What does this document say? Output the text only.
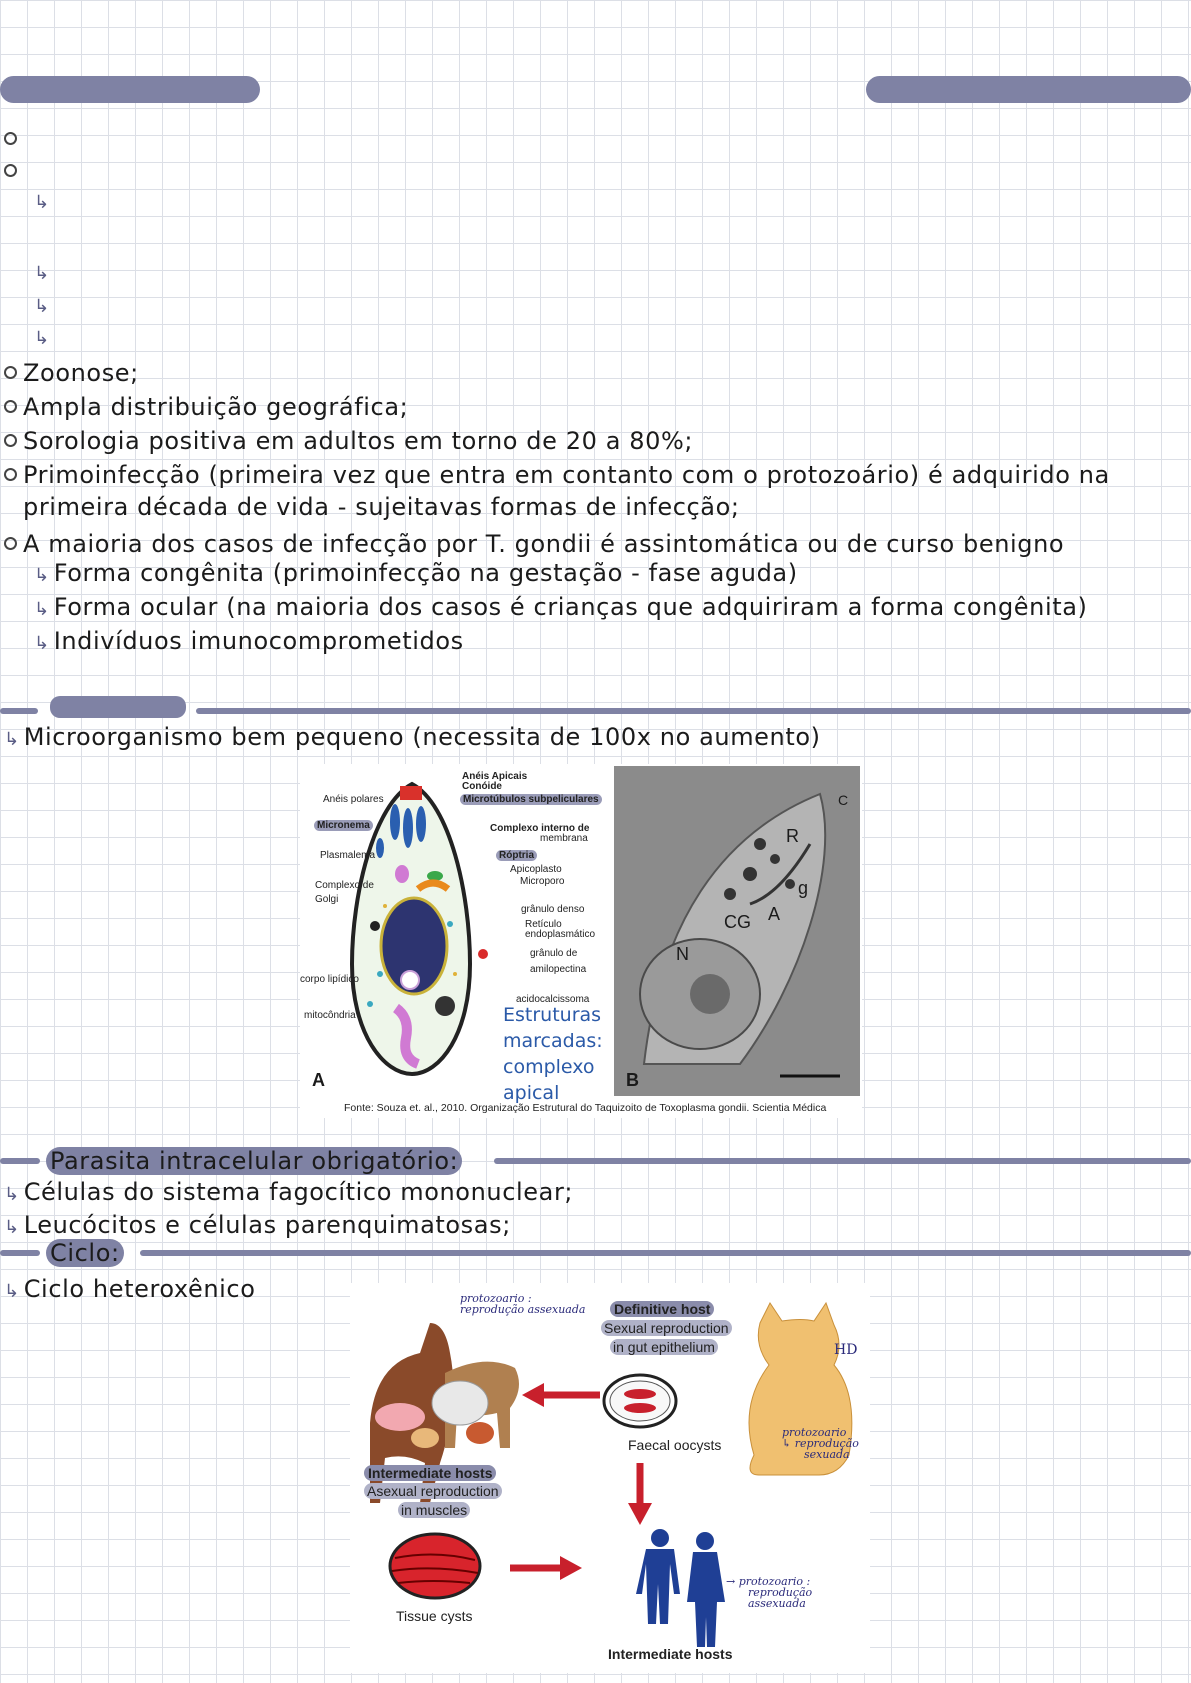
↳
↳
↳
↳
Zoonose;
Ampla distribuição geográfica;
Sorologia positiva em adultos em torno de 20 a 80%;
Primoinfecção (primeira vez que entra em contanto com o protozoário) é adquirido na
primeira década de vida - sujeitavas formas de infecção;
A maioria dos casos de infecção por T. gondii é assintomática ou de curso benigno
↳ Forma congênita (primoinfecção na gestação - fase aguda)
↳ Forma ocular (na maioria dos casos é crianças que adquiriram a forma congênita)
↳ Indivíduos imunocomprometidos
↳ Microorganismo bem pequeno (necessita de 100x no aumento)
Anéis polares
Micronema
Plasmalema
Complexo de
Golgi
corpo lipídico
mitocôndria
Anéis Apicais
Conóide
Microtúbulos subpeliculares
Complexo interno de
membrana
Róptria
Apicoplasto
Microporo
grânulo denso
Retículo
endoplasmático
grânulo de
amilopectina
acidocalcissoma
A	B
C
R
g
CG A
N
Estruturas
marcadas:
complexo
apical
Fonte: Souza et. al., 2010. Organização Estrutural do Taquizoito de Toxoplasma gondii. Scientia Médica
Parasita intracelular obrigatório:
↳ Células do sistema fagocítico mononuclear;
↳ Leucócitos e células parenquimatosas;
Ciclo:
↳ Ciclo heteroxênico
Definitive host
Sexual reproduction
in gut epithelium
Faecal oocysts
Intermediate hosts
Asexual reproduction
in muscles
Tissue cysts
Intermediate hosts
protozoario :
reprodução assexuada
HD
protozoario
↳ reprodução
sexuada
→ protozoario :
reprodução
assexuada
